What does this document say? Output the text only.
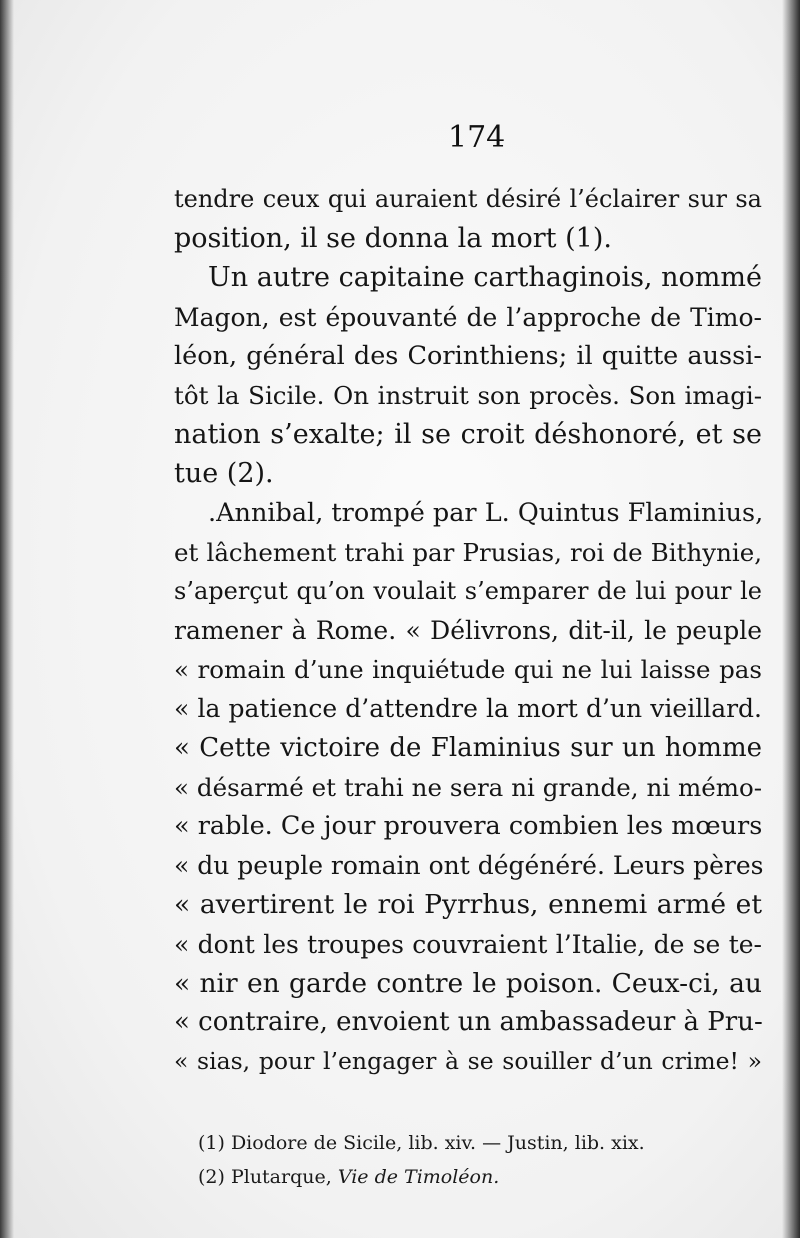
174
tendre ceux qui auraient désiré l’éclairer sur sa
position, il se donna la mort (1).
Un autre capitaine carthaginois, nommé
Magon, est épouvanté de l’approche de Timo-
léon, général des Corinthiens; il quitte aussi-
tôt la Sicile. On instruit son procès. Son imagi-
nation s’exalte; il se croit déshonoré, et se
tue (2).
.Annibal, trompé par L. Quintus Flaminius,
et lâchement trahi par Prusias, roi de Bithynie,
s’aperçut qu’on voulait s’emparer de lui pour le
ramener à Rome. « Délivrons, dit-il, le peuple
« romain d’une inquiétude qui ne lui laisse pas
« la patience d’attendre la mort d’un vieillard.
« Cette victoire de Flaminius sur un homme
« désarmé et trahi ne sera ni grande, ni mémo-
« rable. Ce jour prouvera combien les mœurs
« du peuple romain ont dégénéré. Leurs pères
« avertirent le roi Pyrrhus, ennemi armé et
« dont les troupes couvraient l’Italie, de se te-
« nir en garde contre le poison. Ceux-ci, au
« contraire, envoient un ambassadeur à Pru-
« sias, pour l’engager à se souiller d’un crime! »
(1) Diodore de Sicile, lib. xiv. — Justin, lib. xix.
(2) Plutarque, Vie de Timoléon.
